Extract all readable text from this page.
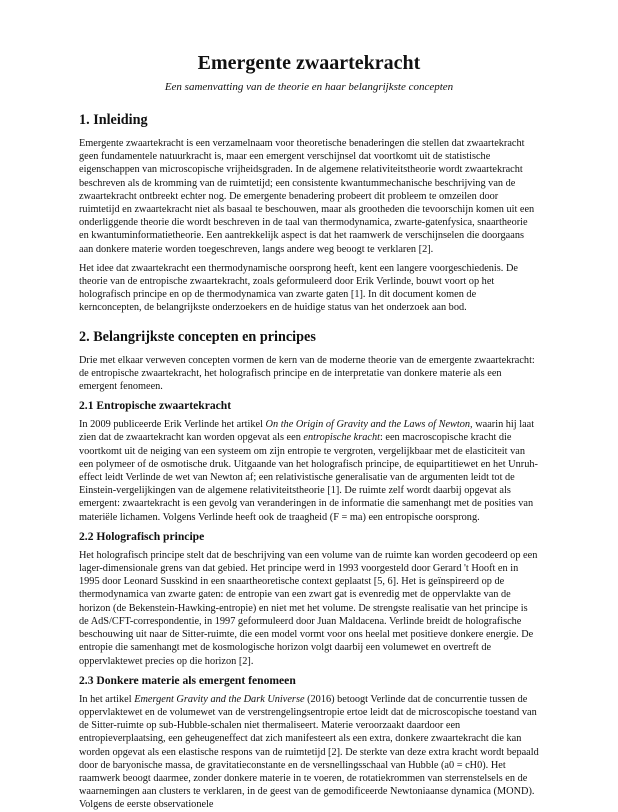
Emergente zwaartekracht
Een samenvatting van de theorie en haar belangrijkste concepten
1. Inleiding

Emergente zwaartekracht is een verzamelnaam voor theoretische benaderingen die stellen dat zwaartekracht geen fundamentele natuurkracht is, maar een emergent verschijnsel dat voortkomt uit de statistische eigenschappen van microscopische vrijheidsgraden. In de algemene relativiteitstheorie wordt zwaartekracht beschreven als de kromming van de ruimtetijd; een consistente kwantummechanische beschrijving van de zwaartekracht ontbreekt echter nog. De emergente benadering probeert dit probleem te omzeilen door ruimtetijd en zwaartekracht niet als basaal te beschouwen, maar als grootheden die tevoorschijn komen uit een onderliggende theorie die wordt beschreven in de taal van thermodynamica, zwarte-gatenfysica, snaartheorie en kwantuminformatietheorie. Een aantrekkelijk aspect is dat het raamwerk de verschijnselen die doorgaans aan donkere materie worden toegeschreven, langs andere weg beoogt te verklaren [2].

Het idee dat zwaartekracht een thermodynamische oorsprong heeft, kent een langere voorgeschiedenis. De theorie van de entropische zwaartekracht, zoals geformuleerd door Erik Verlinde, bouwt voort op het holografisch principe en op de thermodynamica van zwarte gaten [1]. In dit document komen de kernconcepten, de belangrijkste onderzoekers en de huidige status van het onderzoek aan bod.

2. Belangrijkste concepten en principes

Drie met elkaar verweven concepten vormen de kern van de moderne theorie van de emergente zwaartekracht: de entropische zwaartekracht, het holografisch principe en de interpretatie van donkere materie als een emergent fenomeen.

2.1 Entropische zwaartekracht

In 2009 publiceerde Erik Verlinde het artikel On the Origin of Gravity and the Laws of Newton, waarin hij laat zien dat de zwaartekracht kan worden opgevat als een entropische kracht: een macroscopische kracht die voortkomt uit de neiging van een systeem om zijn entropie te vergroten, vergelijkbaar met de elasticiteit van een polymeer of de osmotische druk. Uitgaande van het holografisch principe, de equipartitiewet en het Unruh-effect leidt Verlinde de wet van Newton af; een relativistische generalisatie van de argumenten leidt tot de Einstein-vergelijkingen van de algemene relativiteitstheorie [1]. De ruimte zelf wordt daarbij opgevat als emergent: zwaartekracht is een gevolg van veranderingen in de informatie die samenhangt met de posities van materiële lichamen. Volgens Verlinde heeft ook de traagheid (F = ma) een entropische oorsprong.

2.2 Holografisch principe

Het holografisch principe stelt dat de beschrijving van een volume van de ruimte kan worden gecodeerd op een lager-dimensionale grens van dat gebied. Het principe werd in 1993 voorgesteld door Gerard 't Hooft en in 1995 door Leonard Susskind in een snaartheoretische context geplaatst [5, 6]. Het is geïnspireerd op de thermodynamica van zwarte gaten: de entropie van een zwart gat is evenredig met de oppervlakte van de horizon (de Bekenstein-Hawking-entropie) en niet met het volume. De strengste realisatie van het principe is de AdS/CFT-correspondentie, in 1997 geformuleerd door Juan Maldacena. Verlinde breidt de holografische beschouwing uit naar de Sitter-ruimte, die een model vormt voor ons heelal met positieve donkere energie. De entropie die samenhangt met de kosmologische horizon volgt daarbij een volumewet en overtreft de oppervlaktewet precies op die horizon [2].

2.3 Donkere materie als emergent fenomeen

In het artikel Emergent Gravity and the Dark Universe (2016) betoogt Verlinde dat de concurrentie tussen de oppervlaktewet en de volumewet van de verstrengelingsentropie ertoe leidt dat de microscopische toestand van de Sitter-ruimte op sub-Hubble-schalen niet thermaliseert. Materie veroorzaakt daardoor een entropieverplaatsing, een geheugeneffect dat zich manifesteert als een extra, donkere zwaartekracht die kan worden opgevat als een elastische respons van de ruimtetijd [2]. De sterkte van deze extra kracht wordt bepaald door de baryonische massa, de gravitatieconstante en de versnellingsschaal van Hubble (a0 = cH0). Het raamwerk beoogt daarmee, zonder donkere materie in te voeren, de rotatiekrommen van sterrenstelsels en de waarnemingen aan clusters te verklaren, in de geest van de gemodificeerde Newtoniaanse dynamica (MOND). Volgens de eerste observationele
